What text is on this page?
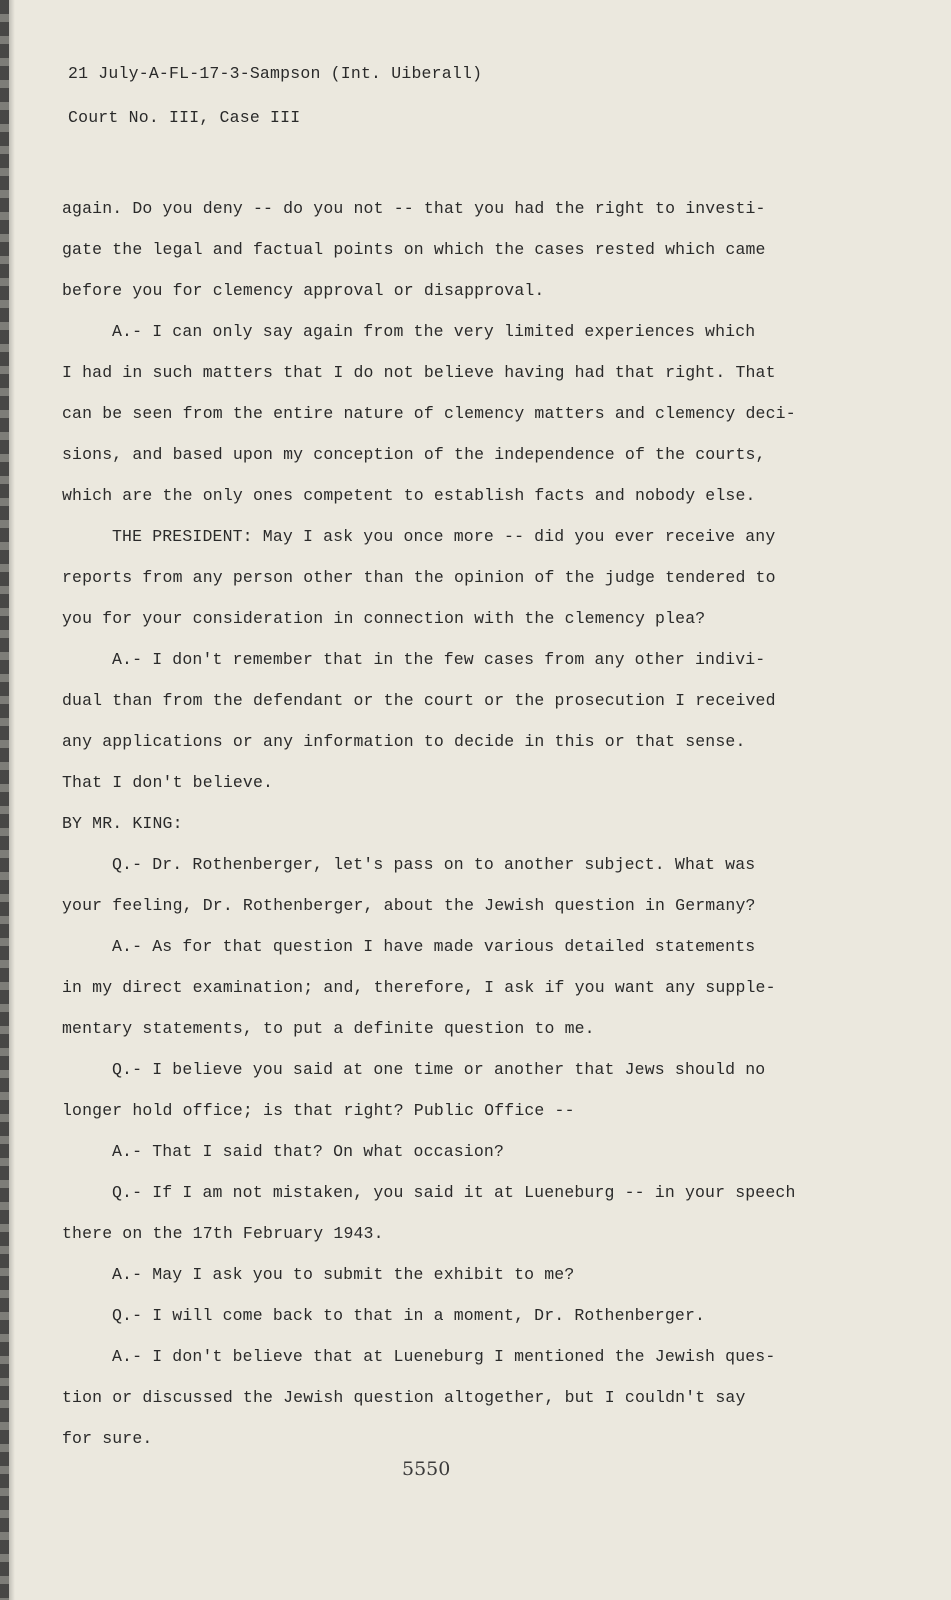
21 July-A-FL-17-3-Sampson (Int. Uiberall)
Court No. III, Case III
again. Do you deny -- do you not -- that you had the right to investi-
gate the legal and factual points on which the cases rested which came
before you for clemency approval or disapproval.
A.- I can only say again from the very limited experiences which
I had in such matters that I do not believe having had that right. That
can be seen from the entire nature of clemency matters and clemency deci-
sions, and based upon my conception of the independence of the courts,
which are the only ones competent to establish facts and nobody else.
THE PRESIDENT: May I ask you once more -- did you ever receive any
reports from any person other than the opinion of the judge tendered to
you for your consideration in connection with the clemency plea?
A.- I don't remember that in the few cases from any other indivi-
dual than from the defendant or the court or the prosecution I received
any applications or any information to decide in this or that sense.
That I don't believe.
BY MR. KING:
Q.- Dr. Rothenberger, let's pass on to another subject. What was
your feeling, Dr. Rothenberger, about the Jewish question in Germany?
A.- As for that question I have made various detailed statements
in my direct examination; and, therefore, I ask if you want any supple-
mentary statements, to put a definite question to me.
Q.- I believe you said at one time or another that Jews should no
longer hold office; is that right? Public Office --
A.- That I said that? On what occasion?
Q.- If I am not mistaken, you said it at Lueneburg -- in your speech
there on the 17th February 1943.
A.- May I ask you to submit the exhibit to me?
Q.- I will come back to that in a moment, Dr. Rothenberger.
A.- I don't believe that at Lueneburg I mentioned the Jewish ques-
tion or discussed the Jewish question altogether, but I couldn't say
for sure.
5550
